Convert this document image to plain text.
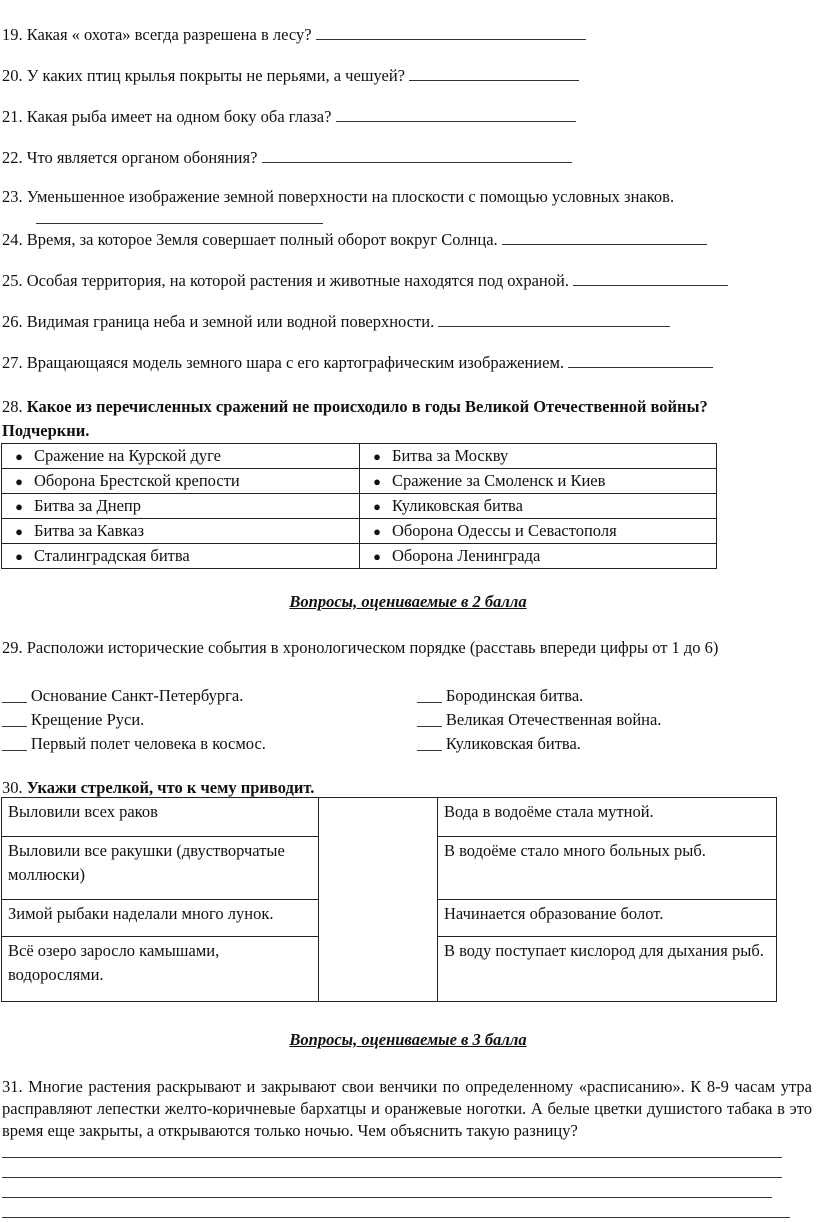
19. Какая « охота» всегда разрешена в лесу?
20. У каких птиц крылья покрыты не перьями, а чешуей?
21. Какая рыба имеет на одном боку оба глаза?
22. Что является органом обоняния?
23. Уменьшенное изображение земной поверхности на плоскости с помощью условных знаков.
24. Время, за которое Земля совершает полный оборот вокруг Солнца.
25. Особая территория, на которой растения и животные находятся под охраной.
26. Видимая граница неба и земной или водной поверхности.
27. Вращающаяся модель земного шара с его картографическим изображением.
28. Какое из перечисленных сражений не происходило в годы Великой Отечественной войны?
Подчеркни.
● Сражение на Курской дуге	● Битва за Москву
● Оборона Брестской крепости	● Сражение за Смоленск и Киев
● Битва за Днепр	● Куликовская битва
● Битва за Кавказ	● Оборона Одессы и Севастополя
● Сталинградская битва	● Оборона Ленинграда
Вопросы, оцениваемые в 2 балла
29. Расположи исторические события в хронологическом порядке (расставь впереди цифры от 1 до 6)
___ Основание Санкт-Петербурга.
___ Крещение Руси.
___ Первый полет человека в космос.
___ Бородинская битва.
___ Великая Отечественная война.
___ Куликовская битва.
30. Укажи стрелкой, что к чему приводит.
Выловили всех раков		Вода в водоёме стала мутной.
Выловили все ракушки (двустворчатые моллюски)		В водоёме стало много больных рыб.
Зимой рыбаки наделали много лунок.		Начинается образование болот.
Всё озеро заросло камышами, водорослями.		В воду поступает кислород для дыхания рыб.
Вопросы, оцениваемые в 3 балла
31. Многие растения раскрывают и закрывают свои венчики по определенному «расписанию». К 8-9 часам утра расправляют лепестки желто-коричневые бархатцы и оранжевые ноготки. А белые цветки душистого табака в это время еще закрыты, а открываются только ночью. Чем объяснить такую разницу?
